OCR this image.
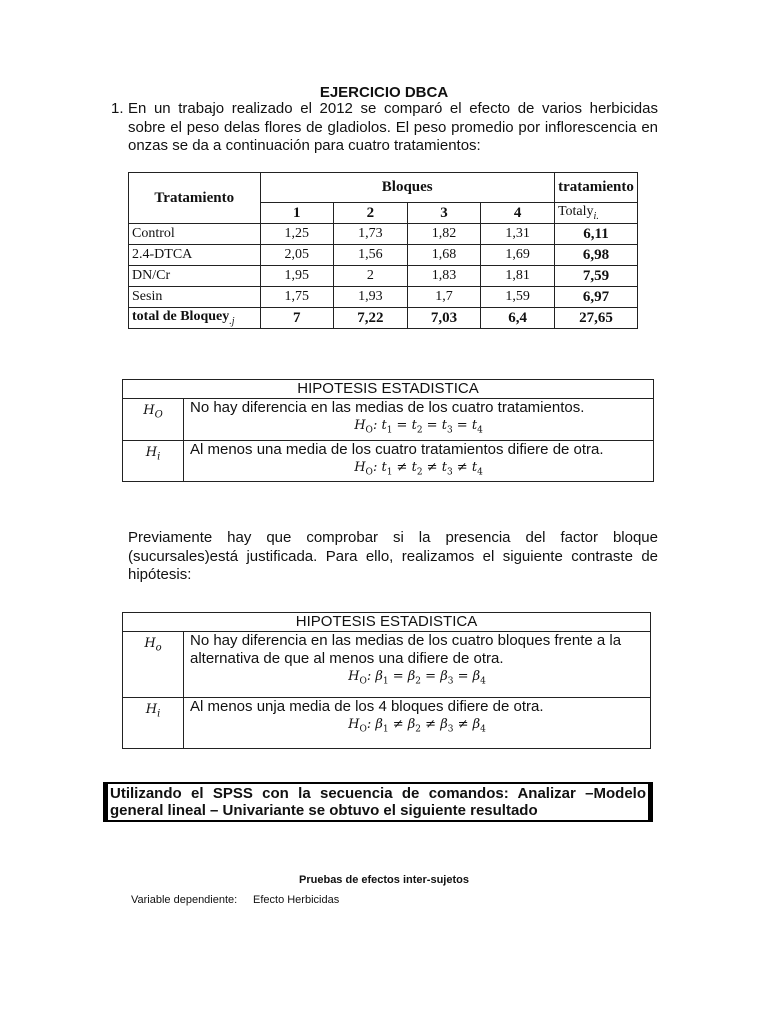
EJERCICIO DBCA
1. En un trabajo realizado el 2012 se comparó el efecto de varios herbicidas sobre el peso delas flores de gladiolos. El peso promedio por inflorescencia en onzas se da a continuación para cuatro tratamientos:
Tratamiento	Bloques				tratamiento
	1	2	3	4	Totaly$_{i.}$
Control	1,25	1,73	1,82	1,31	6,11
2.4-DTCA	2,05	1,56	1,68	1,69	6,98
DN/Cr	1,95	2	1,83	1,81	7,59
Sesin	1,75	1,93	1,7	1,59	6,97
total de Bloquey$_{.j}$	7	7,22	7,03	6,4	27,65
HIPOTESIS ESTADISTICA	
$H_O$	No hay diferencia en las medias de los cuatro tratamientos.
$H_O$: $t_1 = t_2 = t_3 = t_4$

$H_i$	Al menos una media de los cuatro tratamientos difiere de otra.
$H_O$: $t_1 \ne t_2 \ne t_3 \ne t_4$
Previamente hay que comprobar si la presencia del factor bloque (sucursales)está justificada. Para ello, realizamos el siguiente contraste de hipótesis:
HIPOTESIS ESTADISTICA	
$H_o$	No hay diferencia en las medias de los cuatro bloques frente a la alternativa de que al menos una difiere de otra.
$H_O$: $\beta_1 = \beta_2 = \beta_3 = \beta_4$

$H_i$	Al menos unja media de los 4 bloques difiere de otra.
$H_O$: $\beta_1 \ne \beta_2 \ne \beta_3 \ne \beta_4$
Utilizando el SPSS con la secuencia de comandos: Analizar –Modelo general lineal – Univariante se obtuvo el siguiente resultado
Pruebas de efectos inter-sujetos
Variable dependiente: Efecto Herbicidas
